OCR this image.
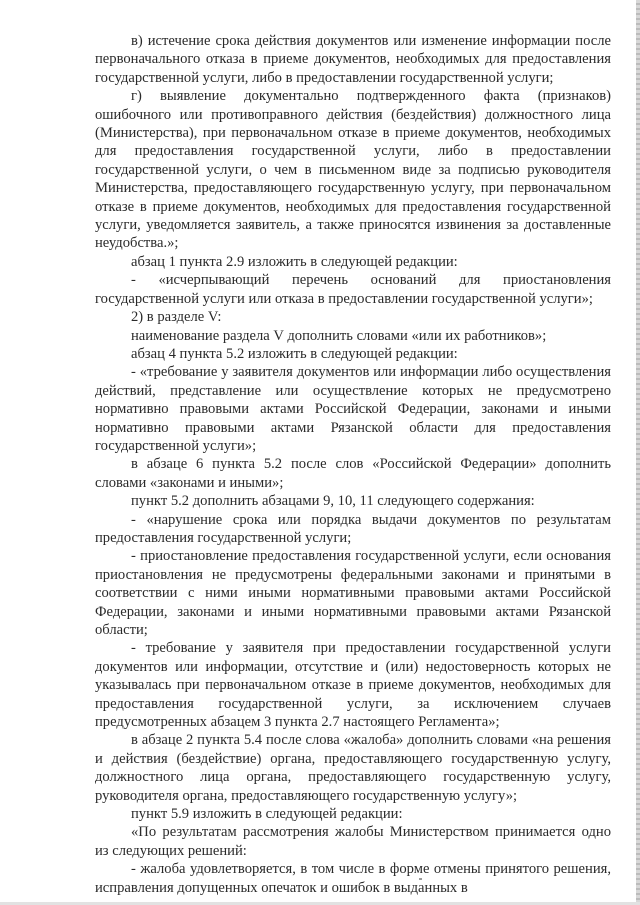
в) истечение срока действия документов или изменение информации после первоначального отказа в приеме документов, необходимых для предоставления государственной услуги, либо в предоставлении государственной услуги;

г) выявление документально подтвержденного факта (признаков) ошибочного или противоправного действия (бездействия) должностного лица (Министерства), при первоначальном отказе в приеме документов, необходимых для предоставления государственной услуги, либо в предоставлении государственной услуги, о чем в письменном виде за подписью руководителя Министерства, предоставляющего государственную услугу, при первоначальном отказе в приеме документов, необходимых для предоставления государственной услуги, уведомляется заявитель, а также приносятся извинения за доставленные неудобства.»;

абзац 1 пункта 2.9 изложить в следующей редакции:

- «исчерпывающий перечень оснований для приостановления государственной услуги или отказа в предоставлении государственной услуги»;

2) в разделе V:

наименование раздела V дополнить словами «или их работников»;

абзац 4 пункта 5.2 изложить в следующей редакции:

- «требование у заявителя документов или информации либо осуществления действий, представление или осуществление которых не предусмотрено нормативно правовыми актами Российской Федерации, законами и иными нормативно правовыми актами Рязанской области для предоставления государственной услуги»;

в абзаце 6 пункта 5.2 после слов «Российской Федерации» дополнить словами «законами и иными»;

пункт 5.2 дополнить абзацами 9, 10, 11 следующего содержания:

- «нарушение срока или порядка выдачи документов по результатам предоставления государственной услуги;

- приостановление предоставления государственной услуги, если основания приостановления не предусмотрены федеральными законами и принятыми в соответствии с ними иными нормативными правовыми актами Российской Федерации, законами и иными нормативными правовыми актами Рязанской области;

- требование у заявителя при предоставлении государственной услуги документов или информации, отсутствие и (или) недостоверность которых не указывалась при первоначальном отказе в приеме документов, необходимых для предоставления государственной услуги, за исключением случаев предусмотренных абзацем 3 пункта 2.7 настоящего Регламента»;

в абзаце 2 пункта 5.4 после слова «жалоба» дополнить словами «на решения и действия (бездействие) органа, предоставляющего государственную услугу, должностного лица органа, предоставляющего государственную услугу, руководителя органа, предоставляющего государственную услугу»;

пункт 5.9 изложить в следующей редакции:

«По результатам рассмотрения жалобы Министерством принимается одно из следующих решений:

- жалоба удовлетворяется, в том числе в форме отмены принятого решения, исправления допущенных опечаток и ошибок в выданных в
